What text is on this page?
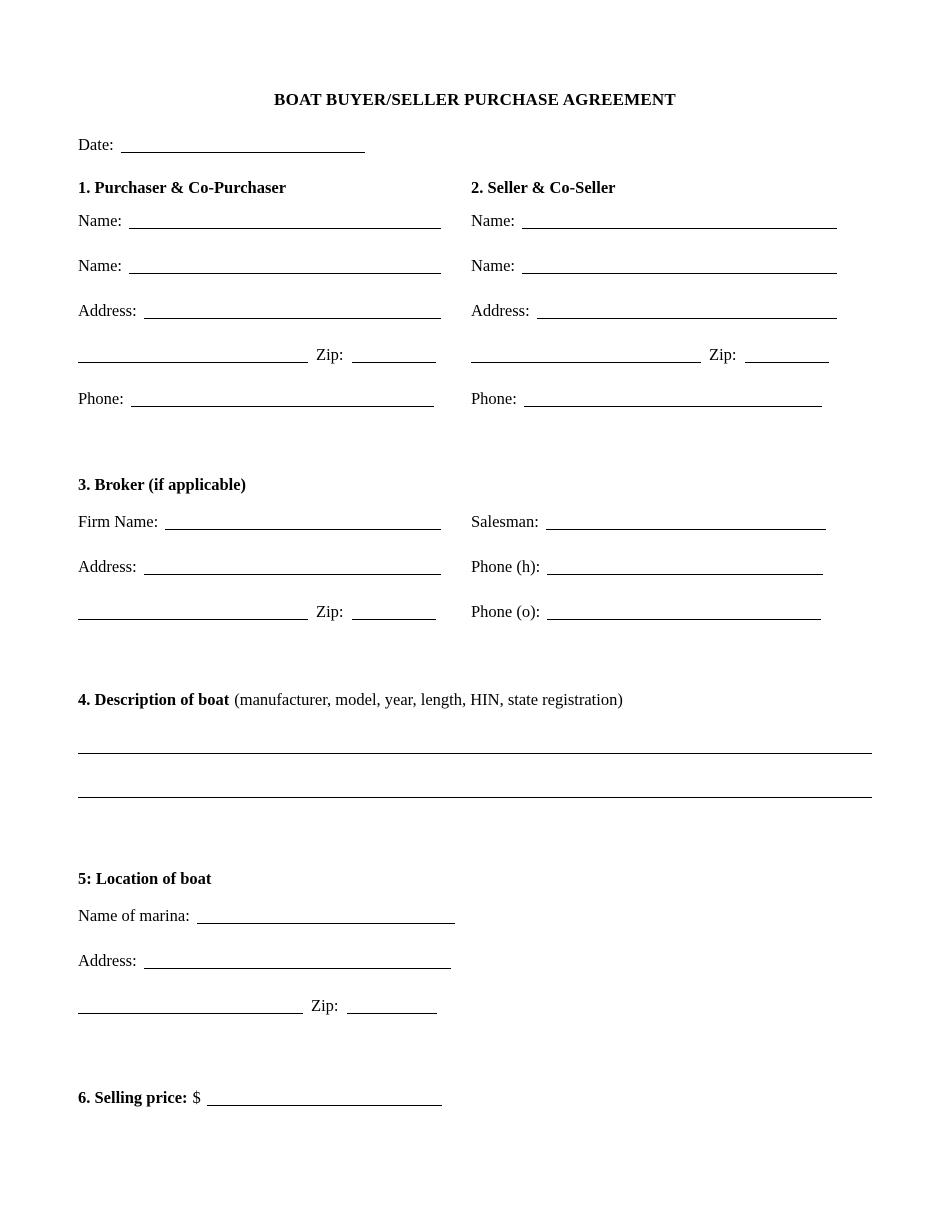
BOAT BUYER/SELLER PURCHASE AGREEMENT
Date:
1. Purchaser & Co-Purchaser	2. Seller & Co-Seller
Name:	Name:
Name:	Name:
Address:	Address:
Zip:	Zip:
Phone:	Phone:
3. Broker (if applicable)
Firm Name:	Salesman:
Address:	Phone (h):
Zip:	Phone (o):
4. Description of boat (manufacturer, model, year, length, HIN, state registration)
5: Location of boat
Name of marina:
Address:
Zip:
6. Selling price: $
